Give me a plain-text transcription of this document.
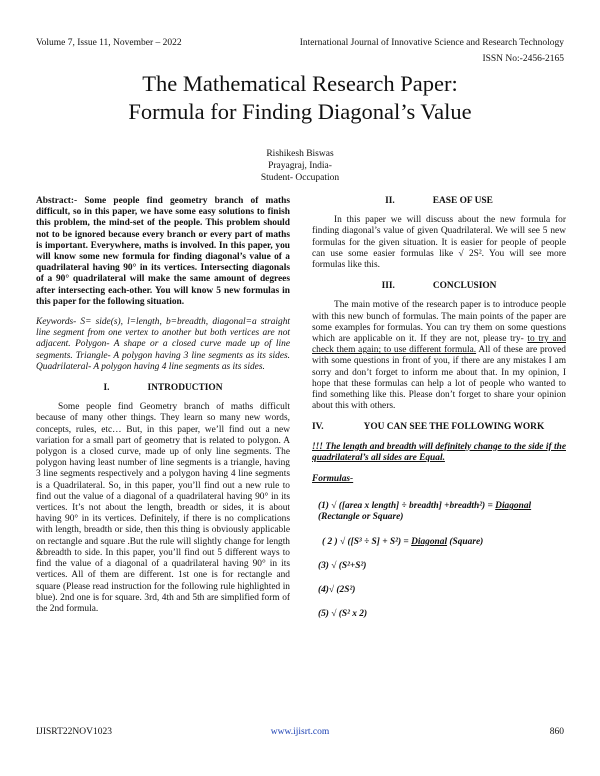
Volume 7, Issue 11, November – 2022	International Journal of Innovative Science and Research Technology
ISSN No:-2456-2165
The Mathematical Research Paper:
Formula for Finding Diagonal’s Value
Rishikesh Biswas
Prayagraj, India-
Student- Occupation

Abstract:- Some people find geometry branch of maths difficult, so in this paper, we have some easy solutions to finish this problem, the mind-set of the people. This problem should not to be ignored because every branch or every part of maths is important. Everywhere, maths is involved. In this paper, you will know some new formula for finding diagonal’s value of a quadrilateral having 90° in its vertices. Intersecting diagonals of a 90° quadrilateral will make the same amount of degrees after intersecting each-other. You will know 5 new formulas in this paper for the following situation.

Keywords- S= side(s), l=length, b=breadth, diagonal=a straight line segment from one vertex to another but both vertices are not adjacent. Polygon- A shape or a closed curve made up of line segments. Triangle- A polygon having 3 line segments as its sides. Quadrilateral- A polygon having 4 line segments as its sides.

I.	INTRODUCTION

Some people find Geometry branch of maths difficult because of many other things. They learn so many new words, concepts, rules, etc… But, in this paper, we’ll find out a new variation for a small part of geometry that is related to polygon. A polygon is a closed curve, made up of only line segments. The polygon having least number of line segments is a triangle, having 3 line segments respectively and a polygon having 4 line segments is a Quadrilateral. So, in this paper, you’ll find out a new rule to find out the value of a diagonal of a quadrilateral having 90° in its vertices. It’s not about the length, breadth or sides, it is about having 90° in its vertices. Definitely, if there is no complications with length, breadth or side, then this thing is obviously applicable on rectangle and square .But the rule will slightly change for length &breadth to side. In this paper, you’ll find out 5 different ways to find the value of a diagonal of a quadrilateral having 90° in its vertices. All of them are different. 1st one is for rectangle and square (Please read instruction for the following rule highlighted in blue). 2nd one is for square. 3rd, 4th and 5th are simplified form of the 2nd formula.

II.	EASE OF USE

In this paper we will discuss about the new formula for finding diagonal’s value of given Quadrilateral. We will see 5 new formulas for the given situation. It is easier for people of people can use some easier formulas like √ 2S². You will see more formulas like this.

III.	CONCLUSION

The main motive of the research paper is to introduce people with this new bunch of formulas. The main points of the paper are some examples for formulas. You can try them on some questions which are applicable on it. If they are not, please try- to try and check them again; to use different formula. All of these are proved with some questions in front of you, if there are any mistakes I am sorry and don’t forget to inform me about that. In my opinion, I hope that these formulas can help a lot of people who wanted to find something like this. Please don’t forget to share your opinion about this with others.

IV.	YOU CAN SEE THE FOLLOWING WORK

!!! The length and breadth will definitely change to the side if the quadrilateral’s all sides are Equal.

Formulas-

(1) √ ([area x length] ÷ breadth] +breadth²) = Diagonal (Rectangle or Square)

( 2 ) √ ([S³ ÷ S] + S²) = Diagonal (Square)

(3) √ (S²+S²)

(4)√ (2S²)

(5) √ (S² x 2)

IJISRT22NOV1023	www.ijisrt.com	860
